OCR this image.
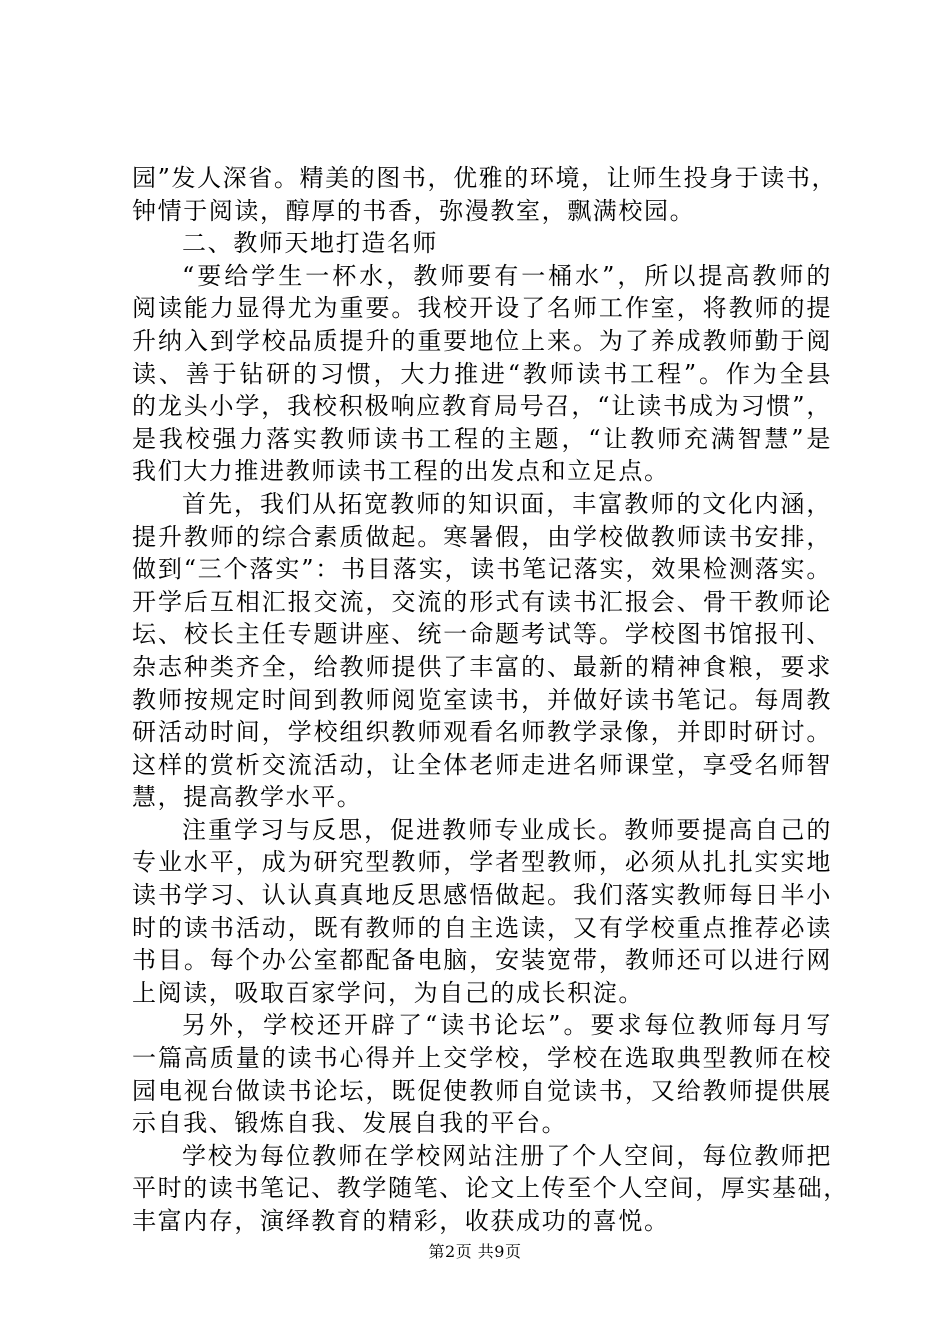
园”发人深省。精美的图书，优雅的环境，让师生投身于读书，
钟情于阅读，醇厚的书香，弥漫教室，飘满校园。
二、教师天地打造名师
“要给学生一杯水，教师要有一桶水”，所以提高教师的
阅读能力显得尤为重要。我校开设了名师工作室，将教师的提
升纳入到学校品质提升的重要地位上来。为了养成教师勤于阅
读、善于钻研的习惯，大力推进“教师读书工程”。作为全县
的龙头小学，我校积极响应教育局号召，“让读书成为习惯”，
是我校强力落实教师读书工程的主题，“让教师充满智慧”是
我们大力推进教师读书工程的出发点和立足点。
首先，我们从拓宽教师的知识面，丰富教师的文化内涵，
提升教师的综合素质做起。寒暑假，由学校做教师读书安排，
做到“三个落实”：书目落实，读书笔记落实，效果检测落实。
开学后互相汇报交流，交流的形式有读书汇报会、骨干教师论
坛、校长主任专题讲座、统一命题考试等。学校图书馆报刊、
杂志种类齐全，给教师提供了丰富的、最新的精神食粮，要求
教师按规定时间到教师阅览室读书，并做好读书笔记。每周教
研活动时间，学校组织教师观看名师教学录像，并即时研讨。
这样的赏析交流活动，让全体老师走进名师课堂，享受名师智
慧，提高教学水平。
注重学习与反思，促进教师专业成长。教师要提高自己的
专业水平，成为研究型教师，学者型教师，必须从扎扎实实地
读书学习、认认真真地反思感悟做起。我们落实教师每日半小
时的读书活动，既有教师的自主选读，又有学校重点推荐必读
书目。每个办公室都配备电脑，安装宽带，教师还可以进行网
上阅读，吸取百家学问，为自己的成长积淀。
另外，学校还开辟了“读书论坛”。要求每位教师每月写
一篇高质量的读书心得并上交学校，学校在选取典型教师在校
园电视台做读书论坛，既促使教师自觉读书，又给教师提供展
示自我、锻炼自我、发展自我的平台。
学校为每位教师在学校网站注册了个人空间，每位教师把
平时的读书笔记、教学随笔、论文上传至个人空间，厚实基础，
丰富内存，演绎教育的精彩，收获成功的喜悦。
第2页 共9页
